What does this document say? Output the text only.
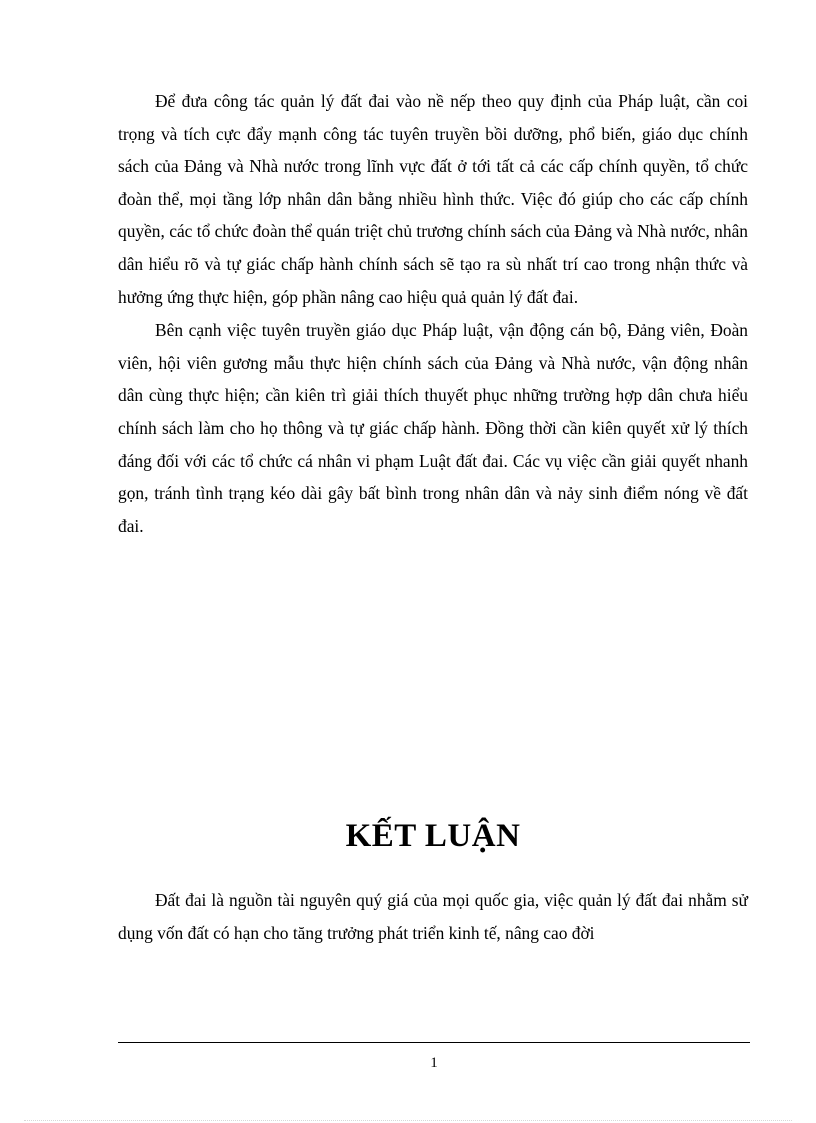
Để đưa công tác quản lý đất đai vào nề nếp theo quy định của Pháp luật, cần coi trọng và tích cực đẩy mạnh công tác tuyên truyền bồi dưỡng, phổ biến, giáo dục chính sách của Đảng và Nhà nước trong lĩnh vực đất ở tới tất cả các cấp chính quyền, tổ chức đoàn thể, mọi tầng lớp nhân dân bằng nhiều hình thức. Việc đó giúp cho các cấp chính quyền, các tổ chức đoàn thể quán triệt chủ trương chính sách của Đảng và Nhà nước, nhân dân hiểu rõ và tự giác chấp hành chính sách sẽ tạo ra sù nhất trí cao trong nhận thức và hưởng ứng thực hiện, góp phần nâng cao hiệu quả quản lý đất đai.

Bên cạnh việc tuyên truyền giáo dục Pháp luật, vận động cán bộ, Đảng viên, Đoàn viên, hội viên gương mẫu thực hiện chính sách của Đảng và Nhà nước, vận động nhân dân cùng thực hiện; cần kiên trì giải thích thuyết phục những trường hợp dân chưa hiểu chính sách làm cho họ thông và tự giác chấp hành. Đồng thời cần kiên quyết xử lý thích đáng đối với các tổ chức cá nhân vi phạm Luật đất đai. Các vụ việc cần giải quyết nhanh gọn, tránh tình trạng kéo dài gây bất bình trong nhân dân và nảy sinh điểm nóng về đất đai.

KẾT LUẬN

Đất đai là nguồn tài nguyên quý giá của mọi quốc gia, việc quản lý đất đai nhằm sử dụng vốn đất có hạn cho tăng trưởng phát triển kinh tế, nâng cao đời

1
